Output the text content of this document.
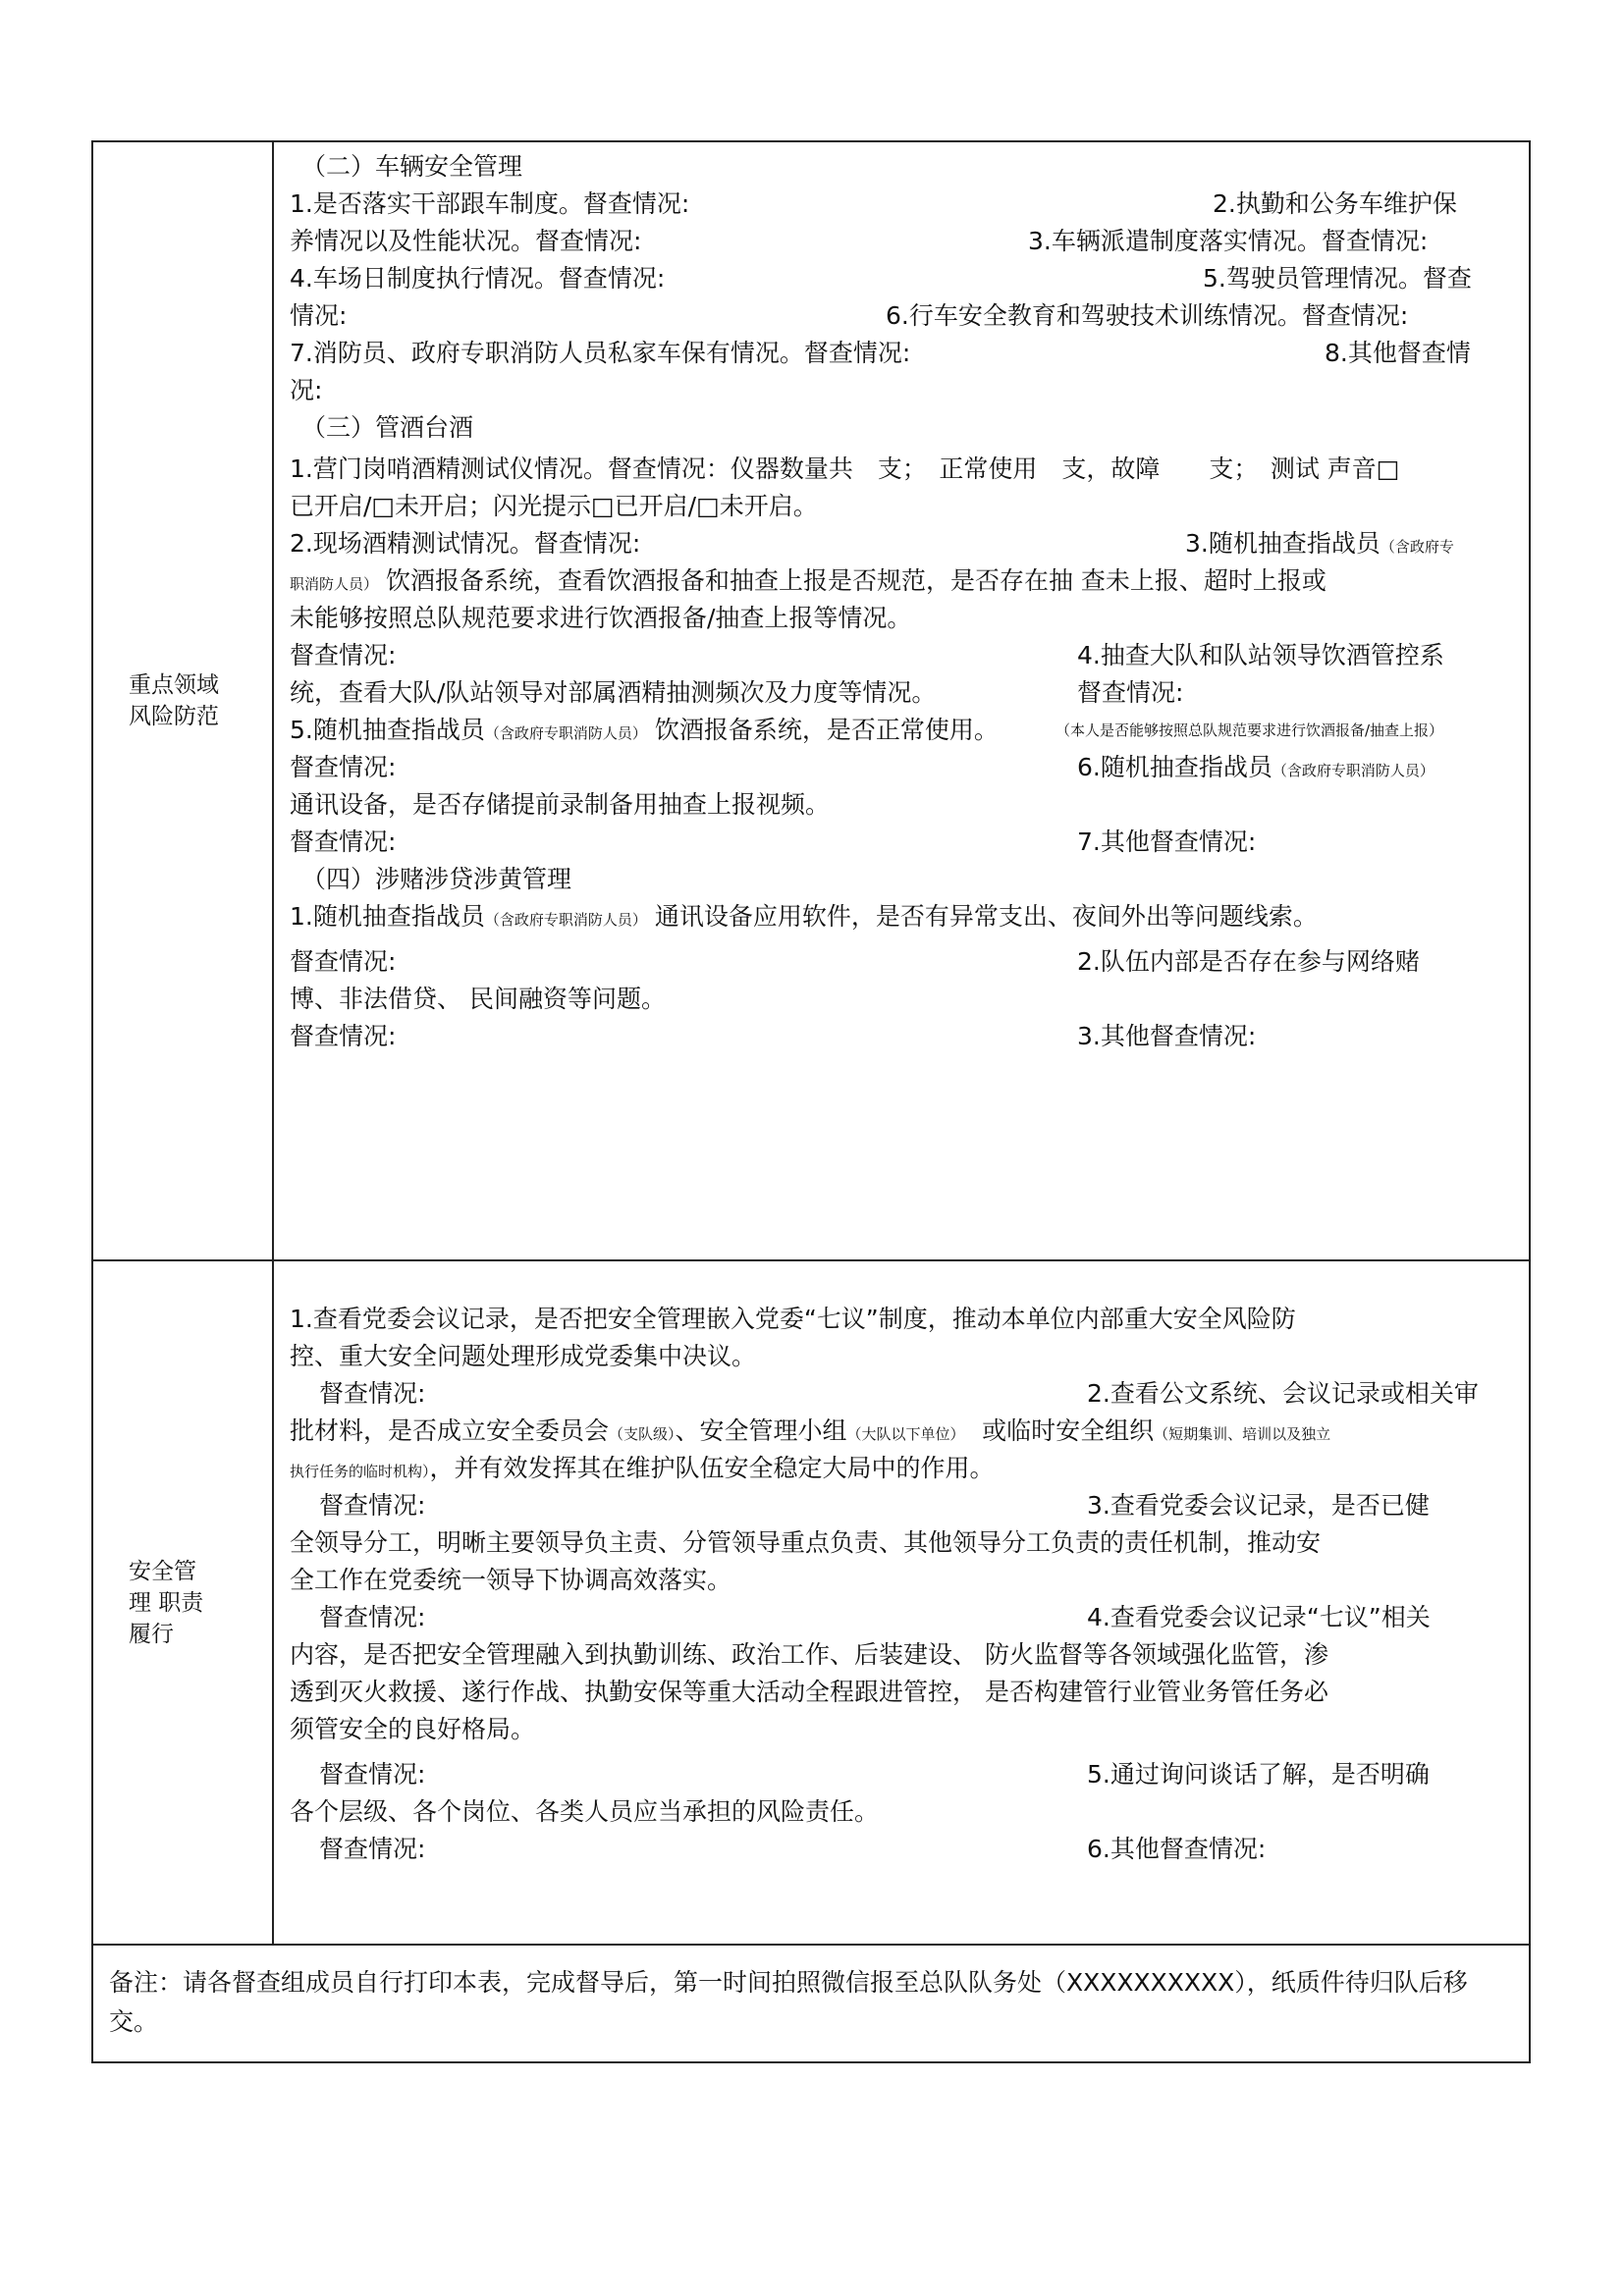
重点领域
风险防范
（二）车辆安全管理
1.是否落实干部跟车制度。督查情况:	2.执勤和公务车维护保
养情况以及性能状况。督查情况:	3.车辆派遣制度落实情况。督查情况:
4.车场日制度执行情况。督查情况:	5.驾驶员管理情况。督查
情况:	6.行车安全教育和驾驶技术训练情况。督查情况:
7.消防员、政府专职消防人员私家车保有情况。督查情况:	8.其他督查情
况:
（三）管酒台酒
1.营门岗哨酒精测试仪情况。督查情况：仪器数量共　支；　正常使用　支，故障　　支；　测试 声音□
已开启/□未开启；闪光提示□已开启/□未开启。
2.现场酒精测试情况。督查情况:	3.随机抽查指战员（含政府专
职消防人员） 饮酒报备系统，查看饮酒报备和抽查上报是否规范，是否存在抽 查未上报、超时上报或
未能够按照总队规范要求进行饮酒报备/抽查上报等情况。
督查情况:	4.抽查大队和队站领导饮酒管控系
统，查看大队/队站领导对部属酒精抽测频次及力度等情况。	督查情况:
5.随机抽查指战员（含政府专职消防人员） 饮酒报备系统，是否正常使用。	（本人是否能够按照总队规范要求进行饮酒报备/抽查上报）
督查情况:	6.随机抽查指战员（含政府专职消防人员）
通讯设备，是否存储提前录制备用抽查上报视频。
督查情况:	7.其他督查情况:
（四）涉赌涉贷涉黄管理
1.随机抽查指战员（含政府专职消防人员） 通讯设备应用软件，是否有异常支出、夜间外出等问题线索。
督查情况:	2.队伍内部是否存在参与网络赌
博、非法借贷、 民间融资等问题。
督查情况:	3.其他督查情况:
安全管
理 职责
履行
1.查看党委会议记录，是否把安全管理嵌入党委“七议”制度，推动本单位内部重大安全风险防
控、重大安全问题处理形成党委集中决议。
督查情况:	2.查看公文系统、会议记录或相关审
批材料，是否成立安全委员会（支队级）、安全管理小组（大队以下单位）　或临时安全组织（短期集训、培训以及独立
执行任务的临时机构），并有效发挥其在维护队伍安全稳定大局中的作用。
督查情况:	3.查看党委会议记录，是否已健
全领导分工，明晰主要领导负主责、分管领导重点负责、其他领导分工负责的责任机制，推动安
全工作在党委统一领导下协调高效落实。
督查情况:	4.查看党委会议记录“七议”相关
内容，是否把安全管理融入到执勤训练、政治工作、后装建设、 防火监督等各领域强化监管，渗
透到灭火救援、遂行作战、执勤安保等重大活动全程跟进管控， 是否构建管行业管业务管任务必
须管安全的良好格局。
督查情况:	5.通过询问谈话了解，是否明确
各个层级、各个岗位、各类人员应当承担的风险责任。
督查情况:	6.其他督查情况:
备注：请各督查组成员自行打印本表，完成督导后，第一时间拍照微信报至总队队务处（XXXXXXXXXX），纸质件待归队后移交。
